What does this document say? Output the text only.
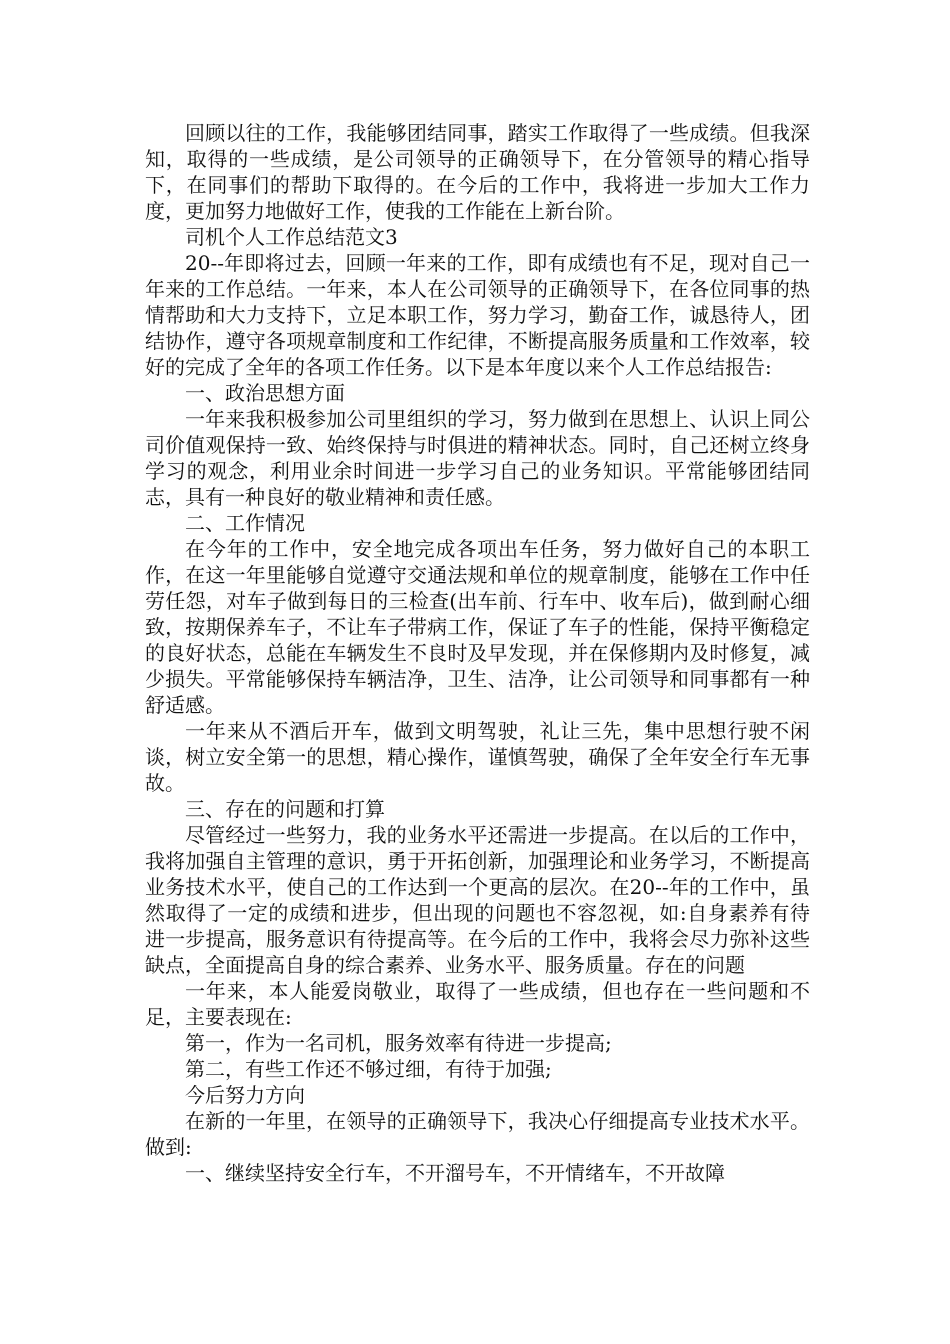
回顾以往的工作，我能够团结同事，踏实工作取得了一些成绩。但我深知，取得的一些成绩，是公司领导的正确领导下，在分管领导的精心指导下，在同事们的帮助下取得的。在今后的工作中，我将进一步加大工作力度，更加努力地做好工作，使我的工作能在上新台阶。

司机个人工作总结范文3

20--年即将过去，回顾一年来的工作，即有成绩也有不足，现对自己一年来的工作总结。一年来，本人在公司领导的正确领导下，在各位同事的热情帮助和大力支持下，立足本职工作，努力学习，勤奋工作，诚恳待人，团结协作，遵守各项规章制度和工作纪律，不断提高服务质量和工作效率，较好的完成了全年的各项工作任务。以下是本年度以来个人工作总结报告:

一、政治思想方面

一年来我积极参加公司里组织的学习，努力做到在思想上、认识上同公司价值观保持一致、始终保持与时俱进的精神状态。同时，自己还树立终身学习的观念，利用业余时间进一步学习自己的业务知识。平常能够团结同志，具有一种良好的敬业精神和责任感。

二、工作情况

在今年的工作中，安全地完成各项出车任务，努力做好自己的本职工作，在这一年里能够自觉遵守交通法规和单位的规章制度，能够在工作中任劳任怨，对车子做到每日的三检查(出车前、行车中、收车后)，做到耐心细致，按期保养车子，不让车子带病工作，保证了车子的性能，保持平衡稳定的良好状态，总能在车辆发生不良时及早发现，并在保修期内及时修复，减少损失。平常能够保持车辆洁净，卫生、洁净，让公司领导和同事都有一种舒适感。

一年来从不酒后开车，做到文明驾驶，礼让三先，集中思想行驶不闲谈，树立安全第一的思想，精心操作，谨慎驾驶，确保了全年安全行车无事故。

三、存在的问题和打算

尽管经过一些努力，我的业务水平还需进一步提高。在以后的工作中，我将加强自主管理的意识，勇于开拓创新，加强理论和业务学习，不断提高业务技术水平，使自己的工作达到一个更高的层次。在20--年的工作中，虽然取得了一定的成绩和进步，但出现的问题也不容忽视，如:自身素养有待进一步提高，服务意识有待提高等。在今后的工作中，我将会尽力弥补这些缺点，全面提高自身的综合素养、业务水平、服务质量。存在的问题

一年来，本人能爱岗敬业，取得了一些成绩，但也存在一些问题和不足，主要表现在:

第一，作为一名司机，服务效率有待进一步提高;

第二，有些工作还不够过细，有待于加强;

今后努力方向

在新的一年里，在领导的正确领导下，我决心仔细提高专业技术水平。做到:

一、继续坚持安全行车，不开溜号车，不开情绪车，不开故障
